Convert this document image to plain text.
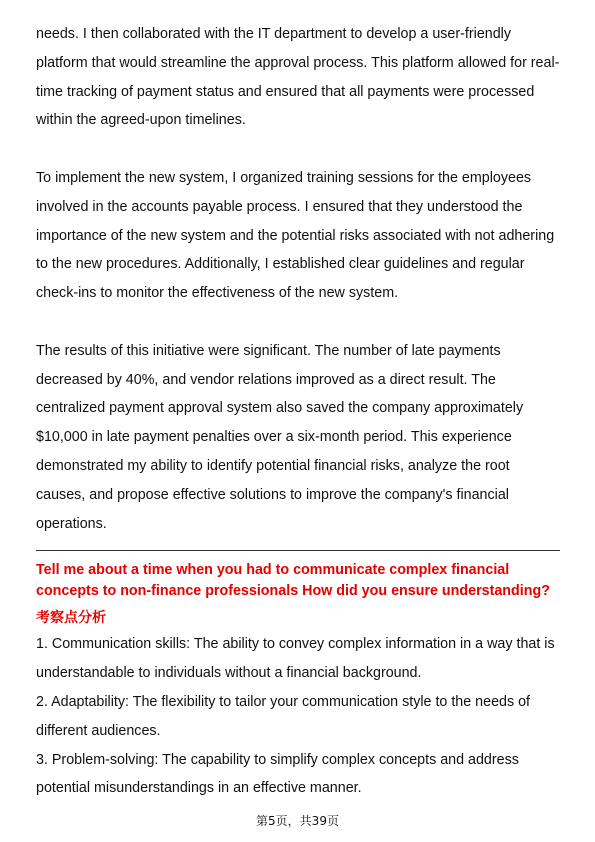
needs. I then collaborated with the IT department to develop a user-friendly platform that would streamline the approval process. This platform allowed for real-time tracking of payment status and ensured that all payments were processed within the agreed-upon timelines.

To implement the new system, I organized training sessions for the employees involved in the accounts payable process. I ensured that they understood the importance of the new system and the potential risks associated with not adhering to the new procedures. Additionally, I established clear guidelines and regular check-ins to monitor the effectiveness of the new system.

The results of this initiative were significant. The number of late payments decreased by 40%, and vendor relations improved as a direct result. The centralized payment approval system also saved the company approximately $10,000 in late payment penalties over a six-month period. This experience demonstrated my ability to identify potential financial risks, analyze the root causes, and propose effective solutions to improve the company's financial operations.

Tell me about a time when you had to communicate complex financial concepts to non-finance professionals How did you ensure understanding?

考察点分析

1. Communication skills: The ability to convey complex information in a way that is understandable to individuals without a financial background.

2. Adaptability: The flexibility to tailor your communication style to the needs of different audiences.

3. Problem-solving: The capability to simplify complex concepts and address potential misunderstandings in an effective manner.

第5页，共39页
